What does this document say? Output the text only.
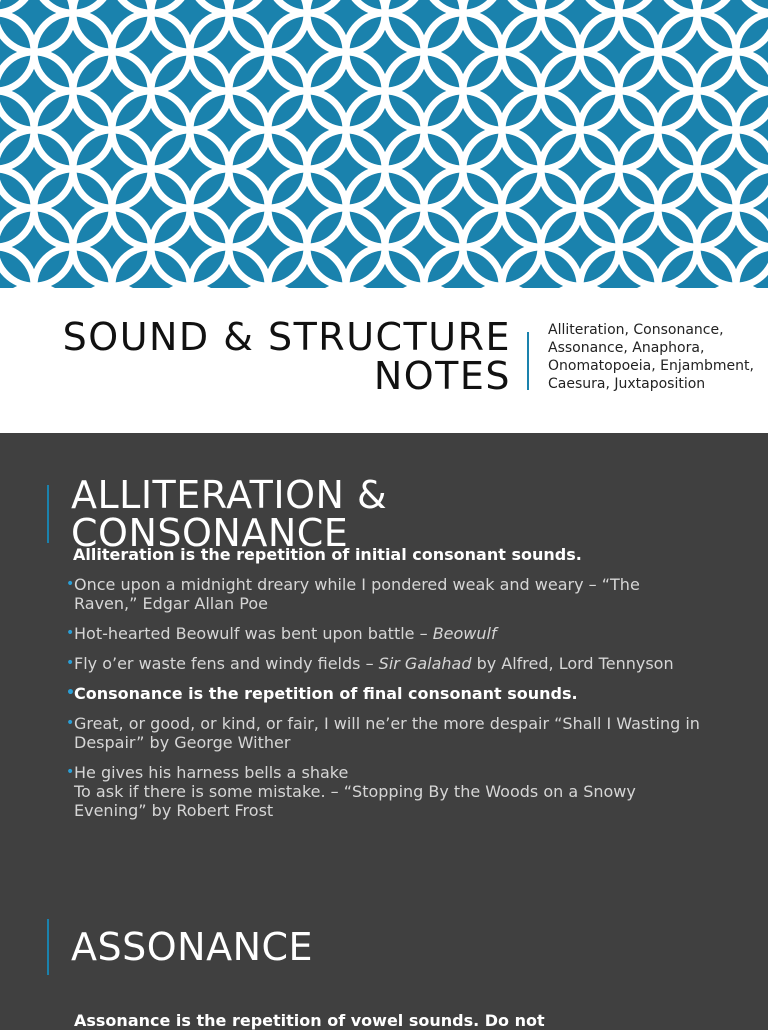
SOUND & STRUCTURE
NOTES
Alliteration, Consonance, Assonance, Anaphora, Onomatopoeia, Enjambment, Caesura, Juxtaposition
ALLITERATION &
CONSONANCE
Alliteration is the repetition of initial consonant sounds.
• Once upon a midnight dreary while I pondered weak and weary – “The Raven,” Edgar Allan Poe
• Hot-hearted Beowulf was bent upon battle – Beowulf
• Fly o’er waste fens and windy fields – Sir Galahad by Alfred, Lord Tennyson
• Consonance is the repetition of final consonant sounds.
• Great, or good, or kind, or fair, I will ne’er the more despair “Shall I Wasting in Despair” by George Wither
• He gives his harness bells a shake
To ask if there is some mistake. – “Stopping By the Woods on a Snowy Evening” by Robert Frost
ASSONANCE
Assonance is the repetition of vowel sounds. Do not
